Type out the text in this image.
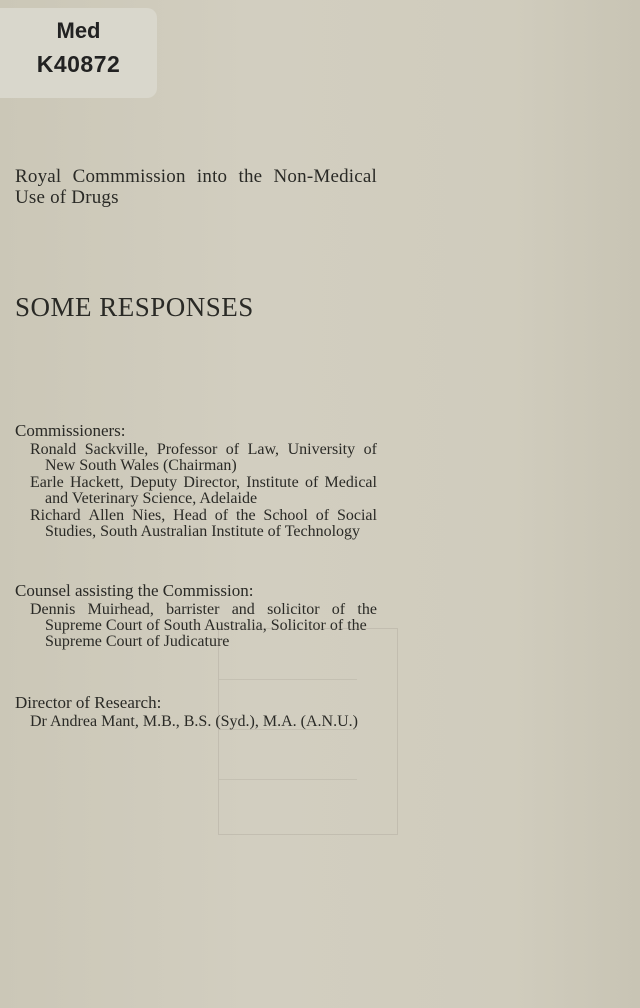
Med
K40872
Royal Commmission into the Non-Medical
Use of Drugs
SOME RESPONSES
Commissioners:
Ronald Sackville, Professor of Law, University of
New South Wales (Chairman)
Earle Hackett, Deputy Director, Institute of Medical
and Veterinary Science, Adelaide
Richard Allen Nies, Head of the School of Social
Studies, South Australian Institute of Technology
Counsel assisting the Commission:
Dennis Muirhead, barrister and solicitor of the
Supreme Court of South Australia, Solicitor of the
Supreme Court of Judicature
Director of Research:
Dr Andrea Mant, M.B., B.S. (Syd.), M.A. (A.N.U.)
